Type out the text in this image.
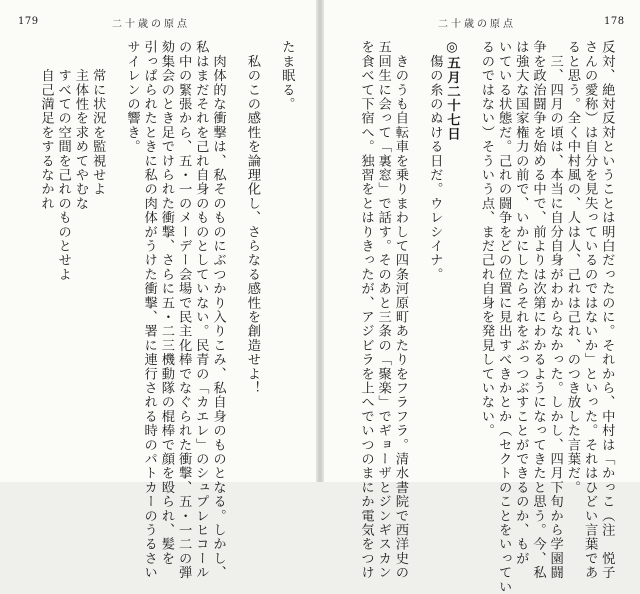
179	二十歳の原点
たま眠る。
　私のこの感性を論理化し、さらなる感性を創造せよ！
　肉体的な衝撃は、私そのものにぶつかり入りこみ、私自身のものとなる。しかし、
私はまだそれを己れ自身のものとしていない。民青の「カエレ」のシュプレヒコール
の中の緊張から、五・一のメーデー会場で民主化棒でなぐられた衝撃、五・一二の弾
劾集会のとき足でけられた衝撃、さらに五・二三機動隊の棍棒で顔を殴られ、髪を
引っぱられたときに私の肉体がうけた衝撃、署に連行される時のパトカーのうるさい
サイレンの響き。
　　常に状況を監視せよ
　　主体性を求めてやむな
　　すべての空間を己れのものとせよ
　　自己満足をするなかれ
二十歳の原点	178
反対、絶対反対ということは明白だったのに。それから、中村は「かっこ（注　悦子
さんの愛称）は自分を見失っているのではないか」といった。それはひどい言葉であ
ると思う。全く中村風の、人は人、己れは己れ、のつき放した言葉だ。
　三、四月の頃は、本当に自分自身がわからなかった。しかし、四月下旬から学園闘
争を政治闘争を始める中で、前よりは次第にわかるようになってきたと思う。今、私
は強大な国家権力の前で、いかにしたらそれをぶっつぶすことができるのか、もが
いている状態だ。己れの闘争をどの位置に見出すべきかとか（セクトのことをいってい
るのではない）そういう点、まだ己れ自身を発見していない。
◎五月二十七日
　傷の糸のぬける日だ。ウレシイナ。
　きのうも自転車を乗りまわして四条河原町あたりをフラフラ。清水書院で西洋史の
五回生に会って「裏窓」で話す。そのあと三条の「聚楽」でギョーザとジンギスカン
を食べて下宿へ。独習をとはりきったが、アジビラを上へでいつのまにか電気をつけ
